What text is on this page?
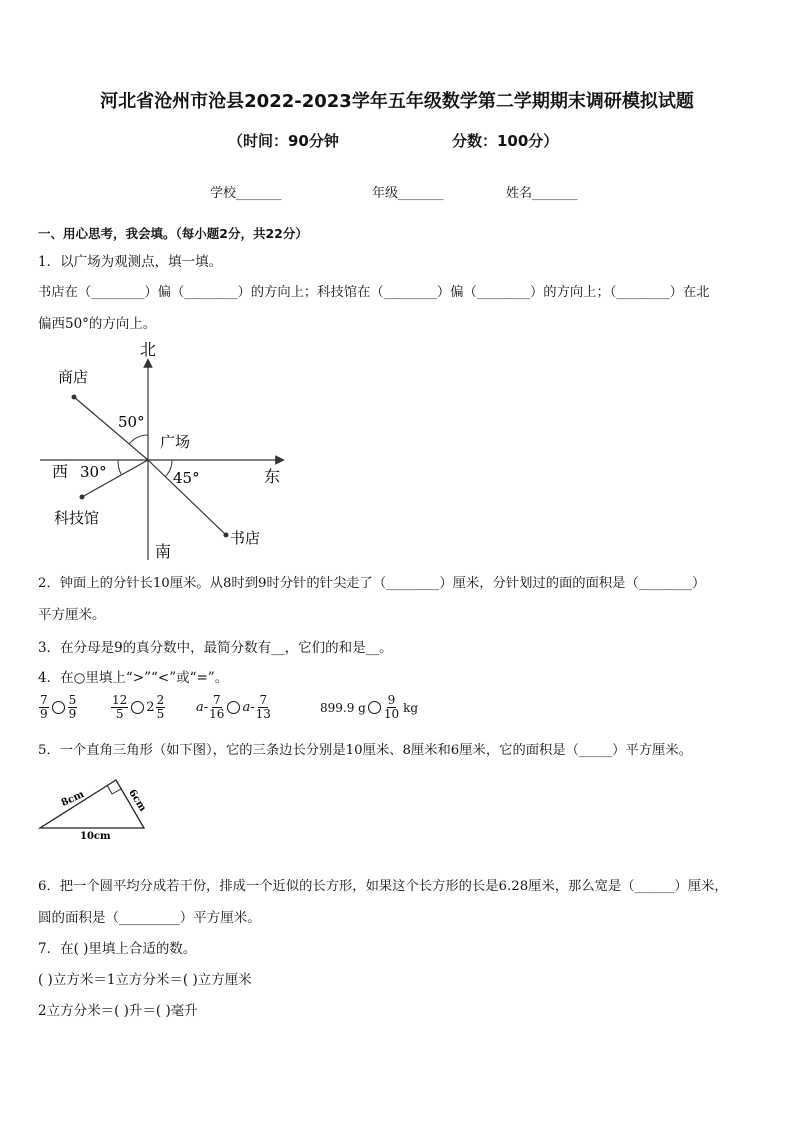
河北省沧州市沧县2022-2023学年五年级数学第二学期期末调研模拟试题
（时间：90分钟	分数：100分）
学校_______	年级_______	姓名_______
一、用心思考，我会填。（每小题2分，共22分）
1．以广场为观测点，填一填。
书店在（________）偏（________）的方向上；科技馆在（________）偏（________）的方向上；（________）在北
偏西50°的方向上。
北
南
西	东
广场
商店
书店
科技馆
50°
30°	45°
2．钟面上的分针长10厘米。从8时到9时分针的针尖走了（________）厘米，分针划过的面的面积是（________）
平方厘米。
3．在分母是9的真分数中，最简分数有__，它们的和是__。
4．在○里填上“>”“<”或“=”。
$\frac{7}{9} \frac{5}{9}$	$\frac{12}{5} 2 \frac{2}{5}$ a - $\frac{7}{16}$ a - $\frac{7}{13}$	899.9 g $\frac{9}{10}$ kg
5．一个直角三角形（如下图），它的三条边长分别是10厘米、8厘米和6厘米，它的面积是（_____）平方厘米。
8cm	6cm
10cm
6．把一个圆平均分成若干份，排成一个近似的长方形，如果这个长方形的长是6.28厘米，那么宽是（______）厘米，
圆的面积是（_________）平方厘米。
7．在( )里填上合适的数。
( )立方米＝1立方分米＝( )立方厘米
2立方分米＝( )升＝( )毫升
